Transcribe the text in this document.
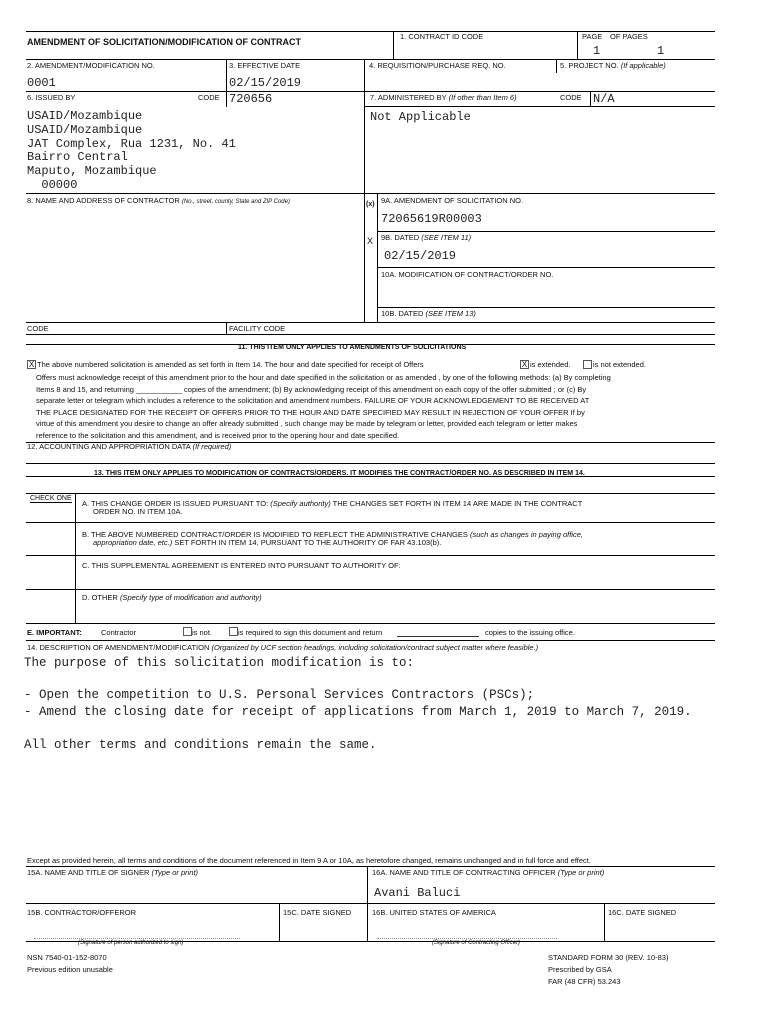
AMENDMENT OF SOLICITATION/MODIFICATION OF CONTRACT
1. CONTRACT ID CODE	PAGE OF PAGES
1	1
2. AMENDMENT/MODIFICATION NO.
0001
3. EFFECTIVE DATE
02/15/2019
4. REQUISITION/PURCHASE REQ. NO.	5. PROJECT NO. (If applicable)
6. ISSUED BY	CODE 720656	7. ADMINISTERED BY (If other than Item 6)	CODE N/A
USAID/Mozambique
USAID/Mozambique
JAT Complex, Rua 1231, No. 41
Bairro Central
Maputo, Mozambique
00000
Not Applicable
8. NAME AND ADDRESS OF CONTRACTOR (No., street, county, State and ZIP Code)	(x) 9A. AMENDMENT OF SOLICITATION NO.
72065619R00003
X 9B. DATED (SEE ITEM 11)
02/15/2019
10A. MODIFICATION OF CONTRACT/ORDER NO.
10B. DATED (SEE ITEM 13)
CODE	FACILITY CODE
11. THIS ITEM ONLY APPLIES TO AMENDMENTS OF SOLICITATIONS
X The above numbered solicitation is amended as set forth in Item 14. The hour and date specified for receipt of Offers	X is extended.	is not extended.
Offers must acknowledge receipt of this amendment prior to the hour and date specified in the solicitation or as amended , by one of the following methods: (a) By completing
Items 8 and 15, and returning ___________ copies of the amendment; (b) By acknowledging receipt of this amendment on each copy of the offer submitted ; or (c) By
separate letter or telegram which includes a reference to the solicitation and amendment numbers. FAILURE OF YOUR ACKNOWLEDGEMENT TO BE RECEIVED AT
THE PLACE DESIGNATED FOR THE RECEIPT OF OFFERS PRIOR TO THE HOUR AND DATE SPECIFIED MAY RESULT IN REJECTION OF YOUR OFFER If by
virtue of this amendment you desire to change an offer already submitted , such change may be made by telegram or letter, provided each telegram or letter makes
reference to the solicitation and this amendment, and is received prior to the opening hour and date specified.
12. ACCOUNTING AND APPROPRIATION DATA (If required)
13. THIS ITEM ONLY APPLIES TO MODIFICATION OF CONTRACTS/ORDERS. IT MODIFIES THE CONTRACT/ORDER NO. AS DESCRIBED IN ITEM 14.
CHECK ONE
A. THIS CHANGE ORDER IS ISSUED PURSUANT TO: (Specify authority) THE CHANGES SET FORTH IN ITEM 14 ARE MADE IN THE CONTRACT
ORDER NO. IN ITEM 10A.
B. THE ABOVE NUMBERED CONTRACT/ORDER IS MODIFIED TO REFLECT THE ADMINISTRATIVE CHANGES (such as changes in paying office,
appropriation date, etc.) SET FORTH IN ITEM 14, PURSUANT TO THE AUTHORITY OF FAR 43.103(b).
C. THIS SUPPLEMENTAL AGREEMENT IS ENTERED INTO PURSUANT TO AUTHORITY OF:
D. OTHER (Specify type of modification and authority)
E. IMPORTANT:	Contractor	is not.	is required to sign this document and return	copies to the issuing office.
14. DESCRIPTION OF AMENDMENT/MODIFICATION (Organized by UCF section headings, including solicitation/contract subject matter where feasible.)
The purpose of this solicitation modification is to:
- Open the competition to U.S. Personal Services Contractors (PSCs);
- Amend the closing date for receipt of applications from March 1, 2019 to March 7, 2019.
All other terms and conditions remain the same.
Except as provided herein, all terms and conditions of the document referenced in Item 9 A or 10A, as heretofore changed, remains unchanged and in full force and effect.
15A. NAME AND TITLE OF SIGNER (Type or print)	16A. NAME AND TITLE OF CONTRACTING OFFICER (Type or print)
Avani Baluci
15B. CONTRACTOR/OFFEROR	15C. DATE SIGNED	16B. UNITED STATES OF AMERICA	16C. DATE SIGNED
(Signature of person authorized to sign)	(Signature of Contracting Officer)
NSN 7540-01-152-8070
Previous edition unusable
STANDARD FORM 30 (REV. 10-83)
Prescribed by GSA
FAR (48 CFR) 53.243
